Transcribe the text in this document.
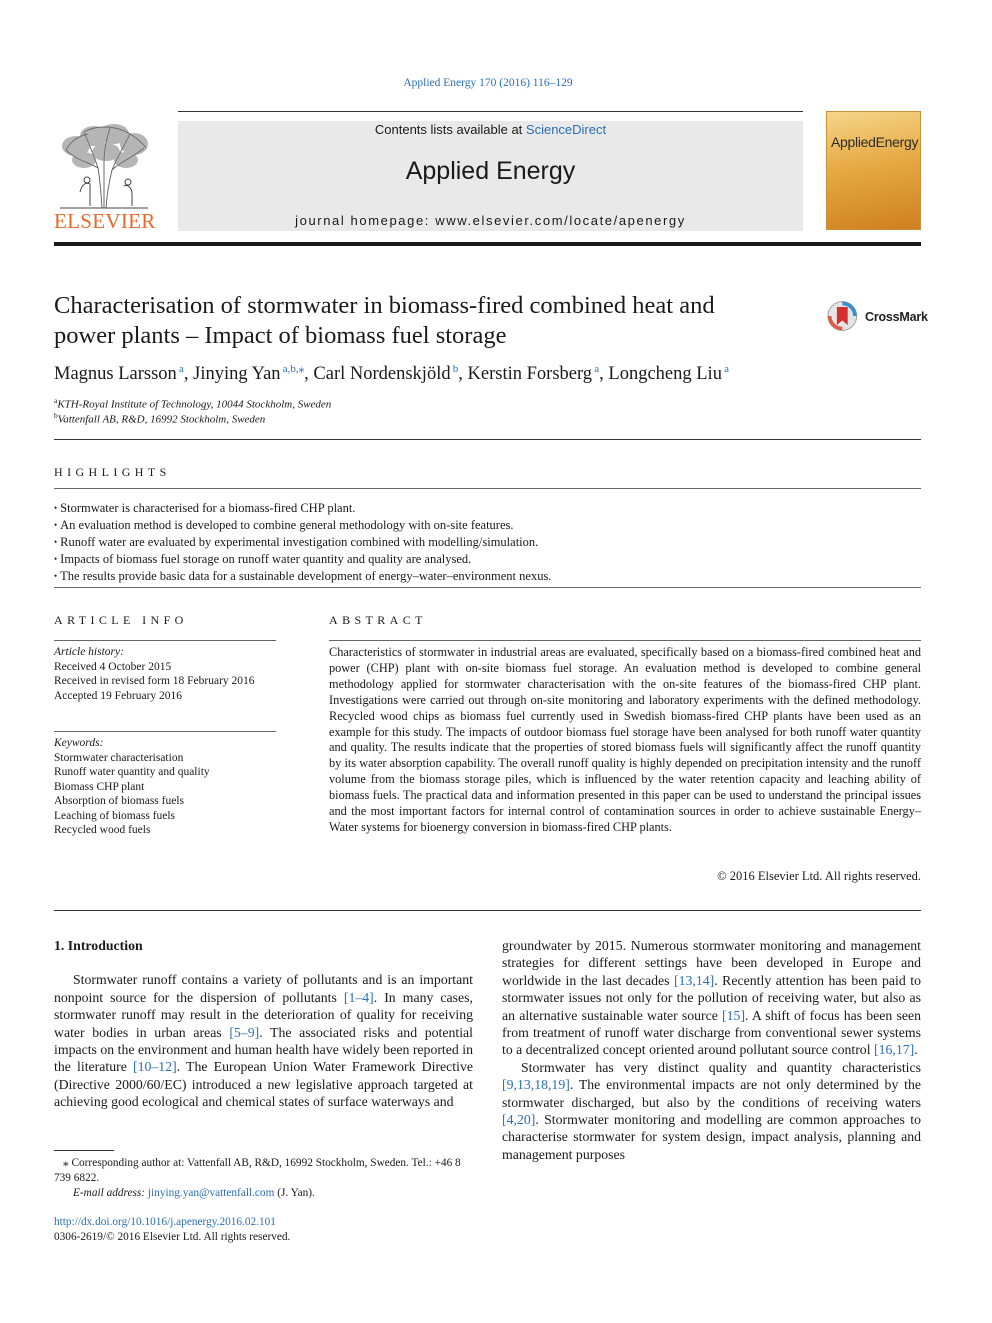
Applied Energy 170 (2016) 116–129
ELSEVIER
Contents lists available at ScienceDirect
Applied Energy
journal homepage: www.elsevier.com/locate/apenergy
AppliedEnergy
Characterisation of stormwater in biomass-fired combined heat and power plants – Impact of biomass fuel storage
CrossMark
Magnus Larsson $^a$, Jinying Yan $^{a,b,⁎}$, Carl Nordenskjöld $^b$, Kerstin Forsberg $^a$, Longcheng Liu $^a$
$^a$KTH-Royal Institute of Technology, 10044 Stockholm, Sweden
$^b$Vattenfall AB, R&D, 16992 Stockholm, Sweden
HIGHLIGHTS
• Stormwater is characterised for a biomass-fired CHP plant.
• An evaluation method is developed to combine general methodology with on-site features.
• Runoff water are evaluated by experimental investigation combined with modelling/simulation.
• Impacts of biomass fuel storage on runoff water quantity and quality are analysed.
• The results provide basic data for a sustainable development of energy–water–environment nexus.
ARTICLE INFO
Article history:
Received 4 October 2015
Received in revised form 18 February 2016
Accepted 19 February 2016
Keywords:
Stormwater characterisation
Runoff water quantity and quality
Biomass CHP plant
Absorption of biomass fuels
Leaching of biomass fuels
Recycled wood fuels
ABSTRACT
Characteristics of stormwater in industrial areas are evaluated, specifically based on a biomass-fired combined heat and power (CHP) plant with on-site biomass fuel storage. An evaluation method is developed to combine general methodology applied for stormwater characterisation with the on-site features of the biomass-fired CHP plant. Investigations were carried out through on-site monitoring and laboratory experiments with the defined methodology. Recycled wood chips as biomass fuel currently used in Swedish biomass-fired CHP plants have been used as an example for this study. The impacts of outdoor biomass fuel storage have been analysed for both runoff water quantity and quality. The results indicate that the properties of stored biomass fuels will significantly affect the runoff quantity by its water absorption capability. The overall runoff quality is highly depended on precipitation intensity and the runoff volume from the biomass storage piles, which is influenced by the water retention capacity and leaching ability of biomass fuels. The practical data and information presented in this paper can be used to understand the principal issues and the most important factors for internal control of contamination sources in order to achieve sustainable Energy–Water systems for bioenergy conversion in biomass-fired CHP plants.
© 2016 Elsevier Ltd. All rights reserved.

1. Introduction

Stormwater runoff contains a variety of pollutants and is an important nonpoint source for the dispersion of pollutants [1–4]. In many cases, stormwater runoff may result in the deterioration of quality for receiving water bodies in urban areas [5–9]. The associated risks and potential impacts on the environment and human health have widely been reported in the literature [10–12]. The European Union Water Framework Directive (Directive 2000/60/EC) introduced a new legislative approach targeted at achieving good ecological and chemical states of surface waterways and

groundwater by 2015. Numerous stormwater monitoring and management strategies for different settings have been developed in Europe and worldwide in the last decades [13,14]. Recently attention has been paid to stormwater issues not only for the pollution of receiving water, but also as an alternative sustainable water source [15]. A shift of focus has been seen from treatment of runoff water discharge from conventional sewer systems to a decentralized concept oriented around pollutant source control [16,17].

Stormwater has very distinct quality and quantity characteristics [9,13,18,19]. The environmental impacts are not only determined by the stormwater discharged, but also by the conditions of receiving waters [4,20]. Stormwater monitoring and modelling are common approaches to characterise stormwater for system design, impact analysis, planning and management purposes

⁎ Corresponding author at: Vattenfall AB, R&D, 16992 Stockholm, Sweden. Tel.: +46 8 739 6822.
E-mail address: jinying.yan@vattenfall.com (J. Yan).
http://dx.doi.org/10.1016/j.apenergy.2016.02.101
0306-2619/© 2016 Elsevier Ltd. All rights reserved.
